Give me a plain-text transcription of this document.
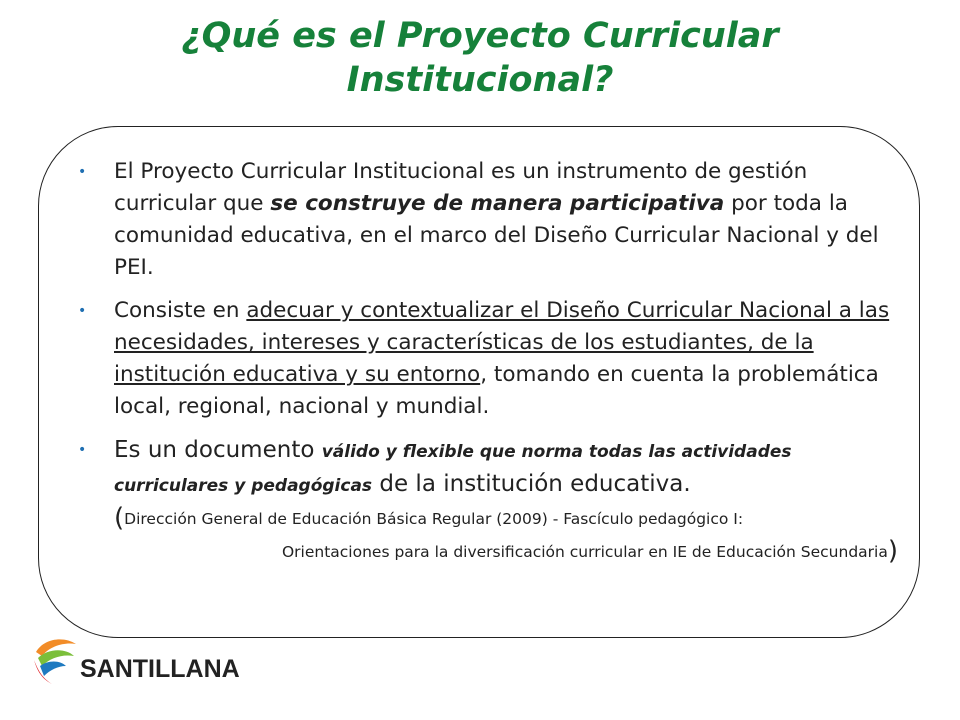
¿Qué es el Proyecto Curricular
Institucional?
• El Proyecto Curricular Institucional es un instrumento de gestión curricular que se construye de manera participativa por toda la comunidad educativa, en el marco del Diseño Curricular Nacional y del PEI.
• Consiste en adecuar y contextualizar el Diseño Curricular Nacional a las necesidades, intereses y características de los estudiantes, de la institución educativa y su entorno, tomando en cuenta la problemática local, regional, nacional y mundial.
• Es un documento válido y flexible que norma todas las actividades curriculares y pedagógicas de la institución educativa.
(Dirección General de Educación Básica Regular (2009) - Fascículo pedagógico I:
Orientaciones para la diversificación curricular en IE de Educación Secundaria)
SANTILLANA
